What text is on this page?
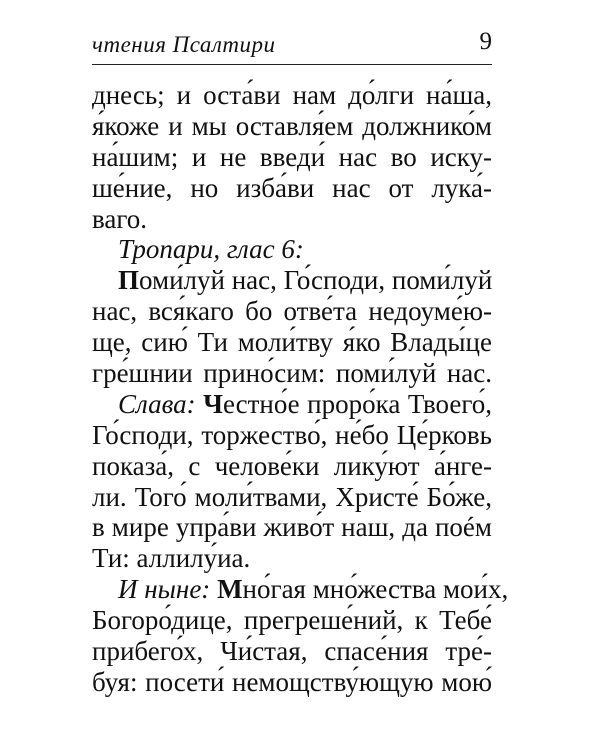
чтения Псалтири	9
днесь; и оста́ви нам до́лги на́ша,
я́коже и мы оставля́ем должнико́м
на́шим; и не введи́ нас во иску-
ше́ние, но изба́ви нас от лука́-
ваго.
Тропари, глас 6:
Поми́луй нас, Го́споди, поми́луй
нас, вся́каго бо отве́та недоуме́ю-
ще, сию́ Ти моли́тву я́ко Влады́це
гре́шнии прино́сим: поми́луй нас.
Слава: Честно́е проро́ка Твоего́,
Го́споди, торжество́, не́бо Це́рковь
показа́, с челове́ки лику́ют а́нге-
ли. Того́ моли́твами, Христе́ Бо́же,
в мире упра́ви живо́т наш, да поéм
Ти: аллилу́иа.
И ныне: Мно́гая мно́жества мои́х,
Богоро́дице, прегреше́ний, к Тебе́
прибего́х, Чи́стая, спасе́ния тре́-
буя: посети́ немощству́ющую мою́
